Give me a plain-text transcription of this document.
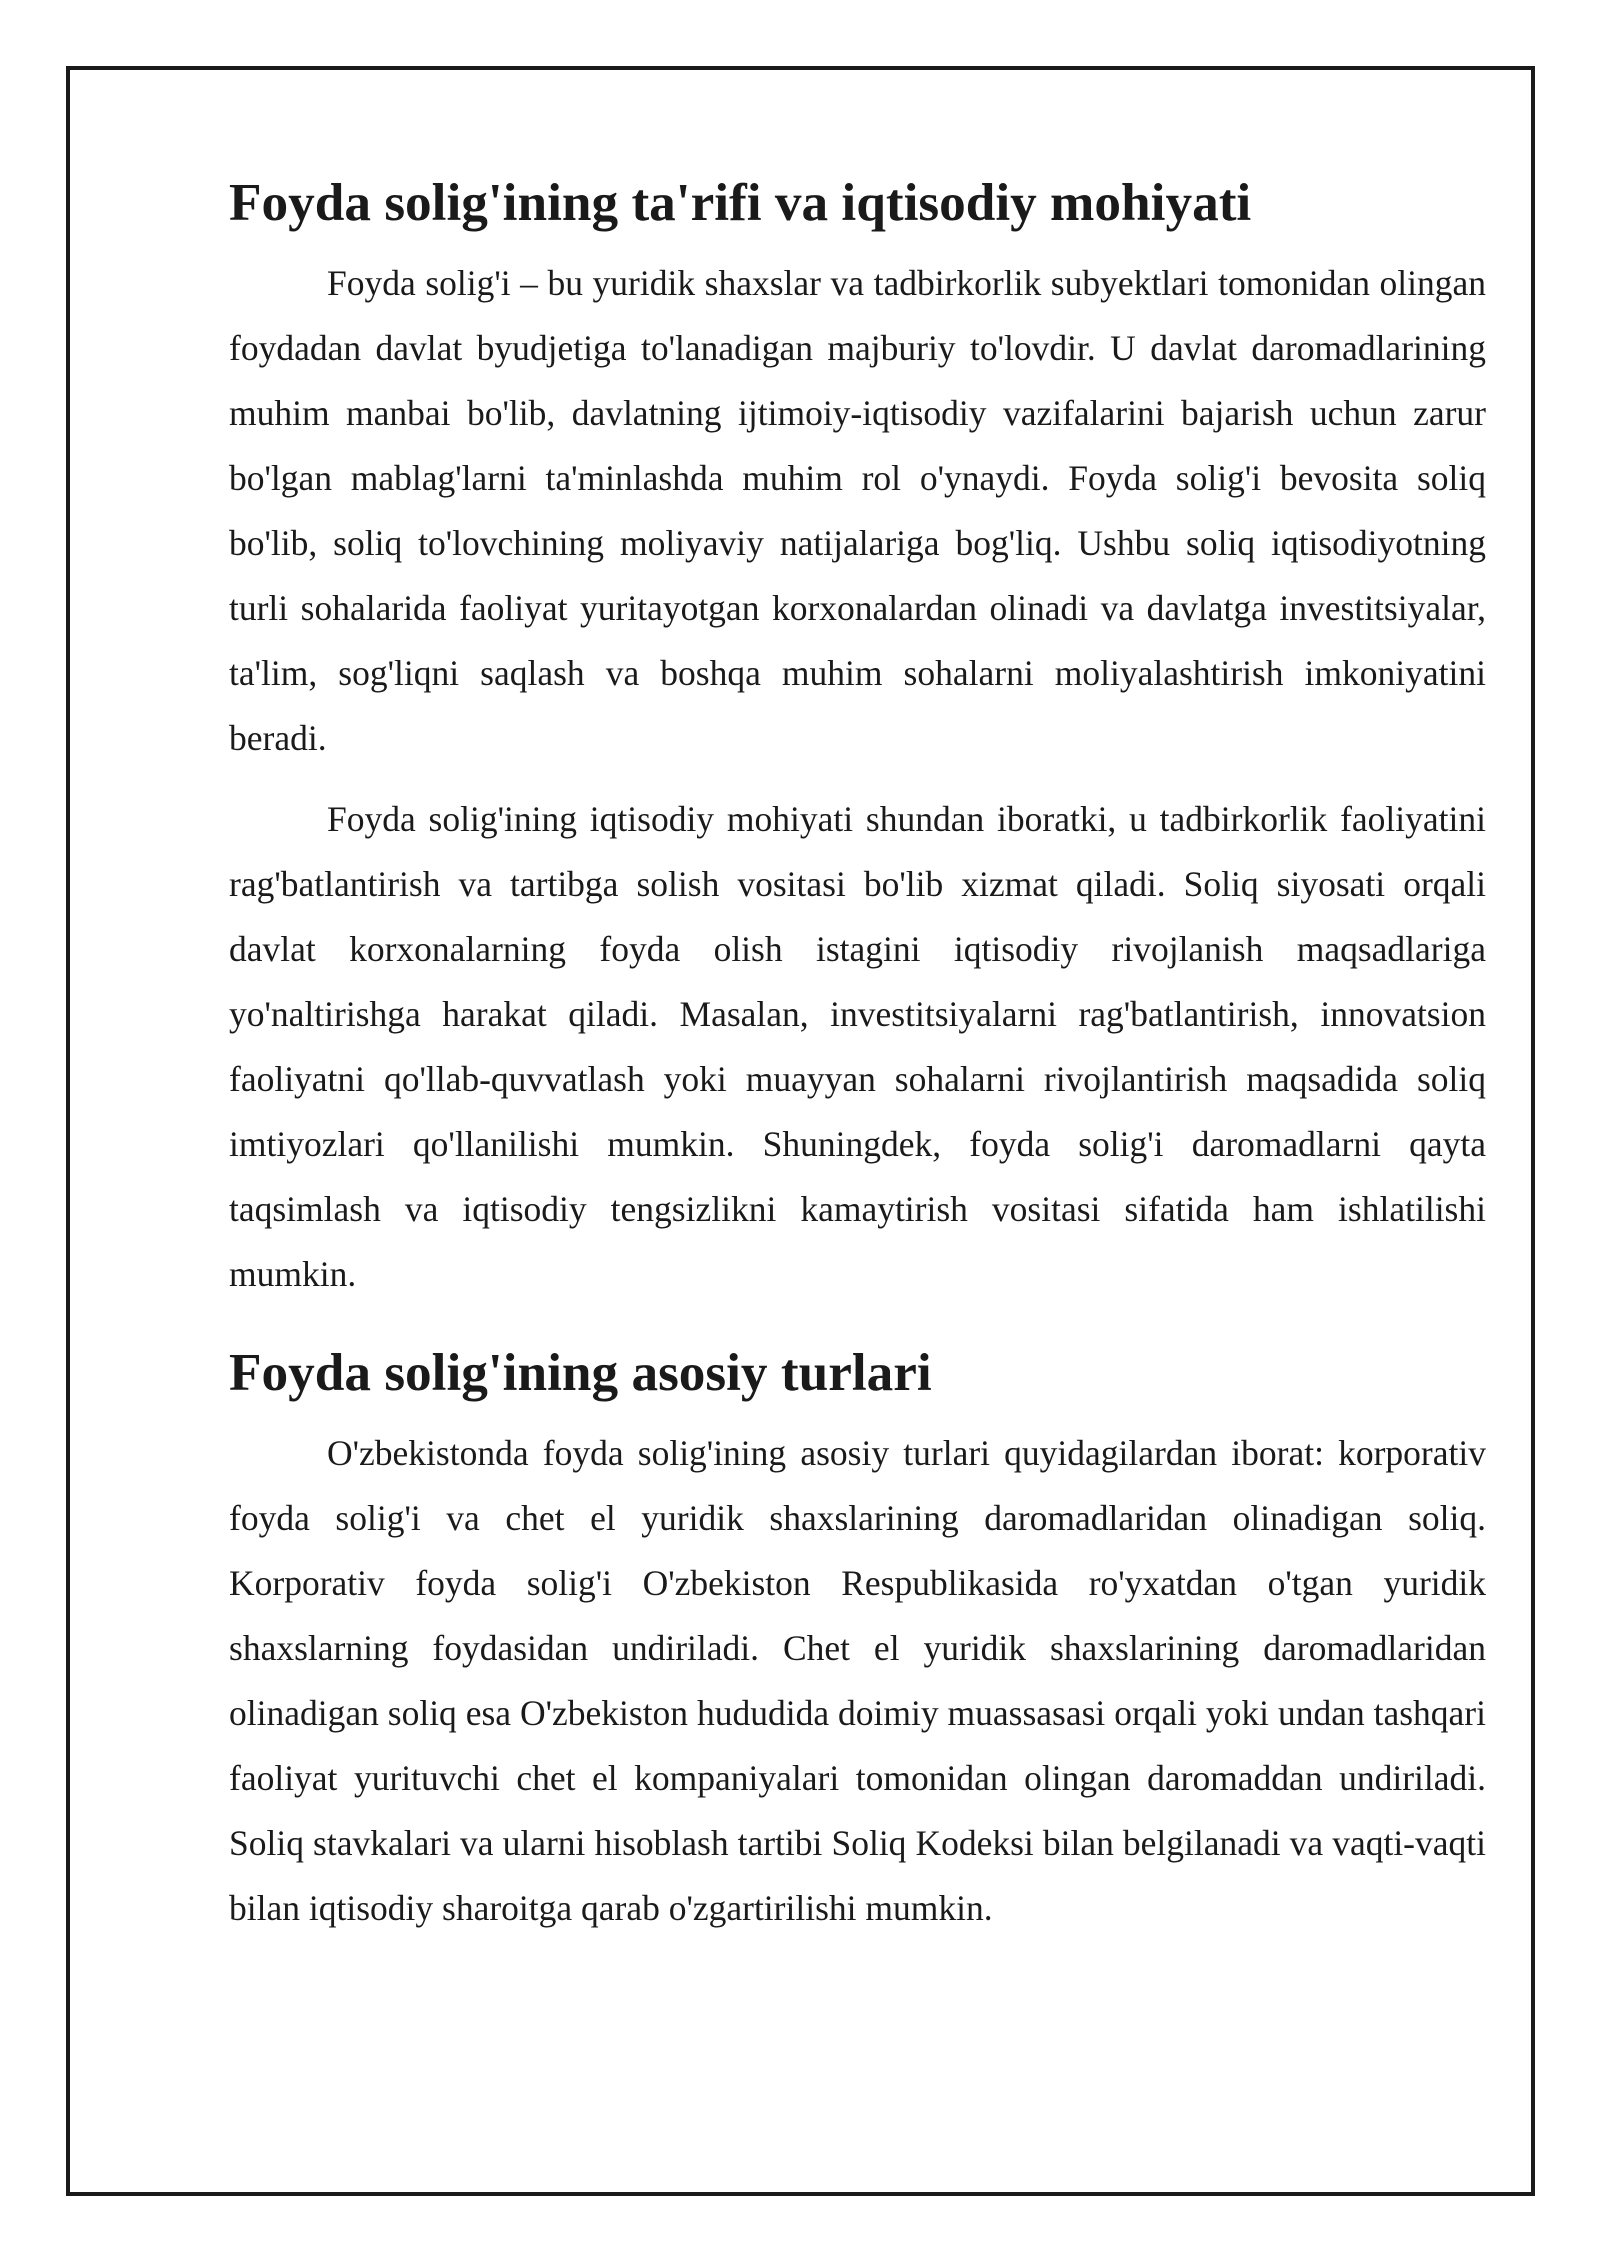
Foyda solig'ining ta'rifi va iqtisodiy mohiyati

Foyda solig'i – bu yuridik shaxslar va tadbirkorlik subyektlari tomonidan olingan foydadan davlat byudjetiga to'lanadigan majburiy to'lovdir. U davlat daromadlarining muhim manbai bo'lib, davlatning ijtimoiy-iqtisodiy vazifalarini bajarish uchun zarur bo'lgan mablag'larni ta'minlashda muhim rol o'ynaydi. Foyda solig'i bevosita soliq bo'lib, soliq to'lovchining moliyaviy natijalariga bog'liq. Ushbu soliq iqtisodiyotning turli sohalarida faoliyat yuritayotgan korxonalardan olinadi va davlatga investitsiyalar, ta'lim, sog'liqni saqlash va boshqa muhim sohalarni moliyalashtirish imkoniyatini beradi.

Foyda solig'ining iqtisodiy mohiyati shundan iboratki, u tadbirkorlik faoliyatini rag'batlantirish va tartibga solish vositasi bo'lib xizmat qiladi. Soliq siyosati orqali davlat korxonalarning foyda olish istagini iqtisodiy rivojlanish maqsadlariga yo'naltirishga harakat qiladi. Masalan, investitsiyalarni rag'batlantirish, innovatsion faoliyatni qo'llab-quvvatlash yoki muayyan sohalarni rivojlantirish maqsadida soliq imtiyozlari qo'llanilishi mumkin. Shuningdek, foyda solig'i daromadlarni qayta taqsimlash va iqtisodiy tengsizlikni kamaytirish vositasi sifatida ham ishlatilishi mumkin.

Foyda solig'ining asosiy turlari

O'zbekistonda foyda solig'ining asosiy turlari quyidagilardan iborat: korporativ foyda solig'i va chet el yuridik shaxslarining daromadlaridan olinadigan soliq. Korporativ foyda solig'i O'zbekiston Respublikasida ro'yxatdan o'tgan yuridik shaxslarning foydasidan undiriladi. Chet el yuridik shaxslarining daromadlaridan olinadigan soliq esa O'zbekiston hududida doimiy muassasasi orqali yoki undan tashqari faoliyat yurituvchi chet el kompaniyalari tomonidan olingan daromaddan undiriladi. Soliq stavkalari va ularni hisoblash tartibi Soliq Kodeksi bilan belgilanadi va vaqti-vaqti bilan iqtisodiy sharoitga qarab o'zgartirilishi mumkin.
